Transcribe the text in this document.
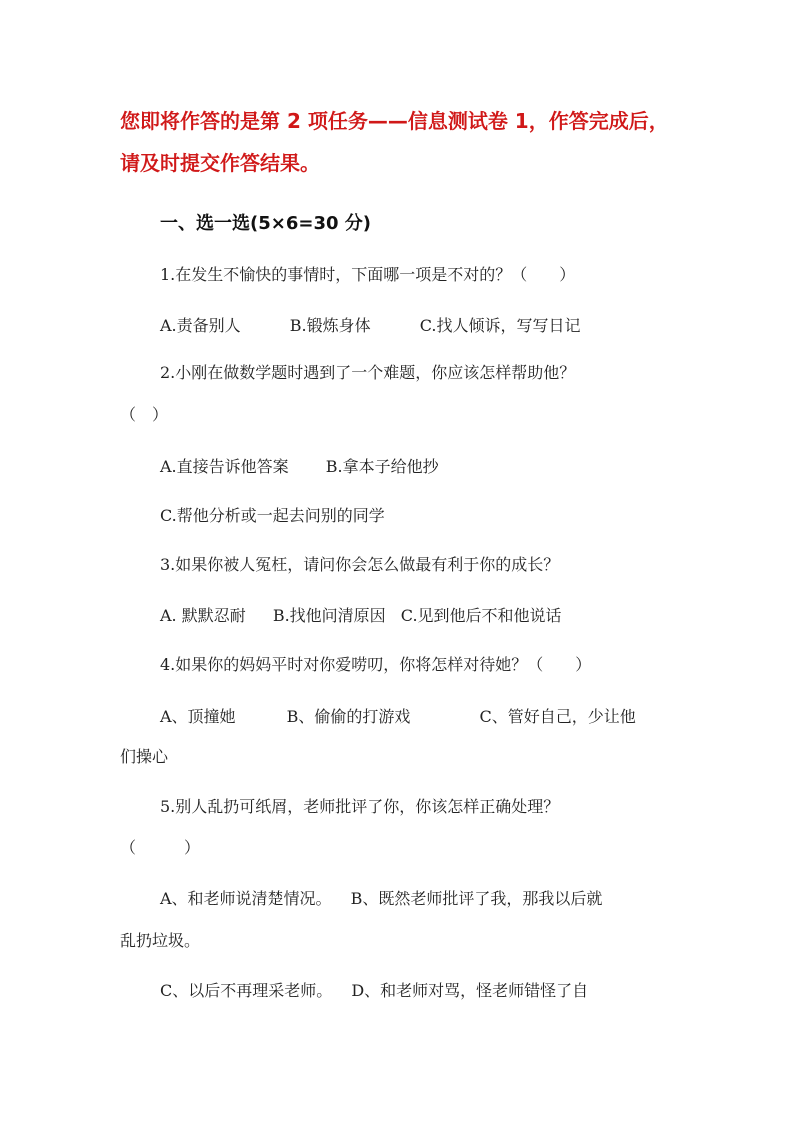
您即将作答的是第 2 项任务——信息测试卷 1，作答完成后，请及时提交作答结果。
一、选一选(5×6=30 分)
1.在发生不愉快的事情时，下面哪一项是不对的？（　　）
A.责备别人	B.锻炼身体	C.找人倾诉，写写日记
2.小刚在做数学题时遇到了一个难题，你应该怎样帮助他？
（　）
A.直接告诉他答案 B.拿本子给他抄
C.帮他分析或一起去问别的同学
3.如果你被人冤枉，请问你会怎么做最有利于你的成长？
A. 默默忍耐 B.找他问清原因 C.见到他后不和他说话
4.如果你的妈妈平时对你爱唠叨，你将怎样对待她？（　　）
A、顶撞她	B、偷偷的打游戏	C、管好自己，少让他
们操心
5.别人乱扔可纸屑，老师批评了你，你该怎样正确处理？
（　　　）
A、和老师说清楚情况。 B、既然老师批评了我，那我以后就
乱扔垃圾。
C、以后不再理采老师。 D、和老师对骂，怪老师错怪了自
